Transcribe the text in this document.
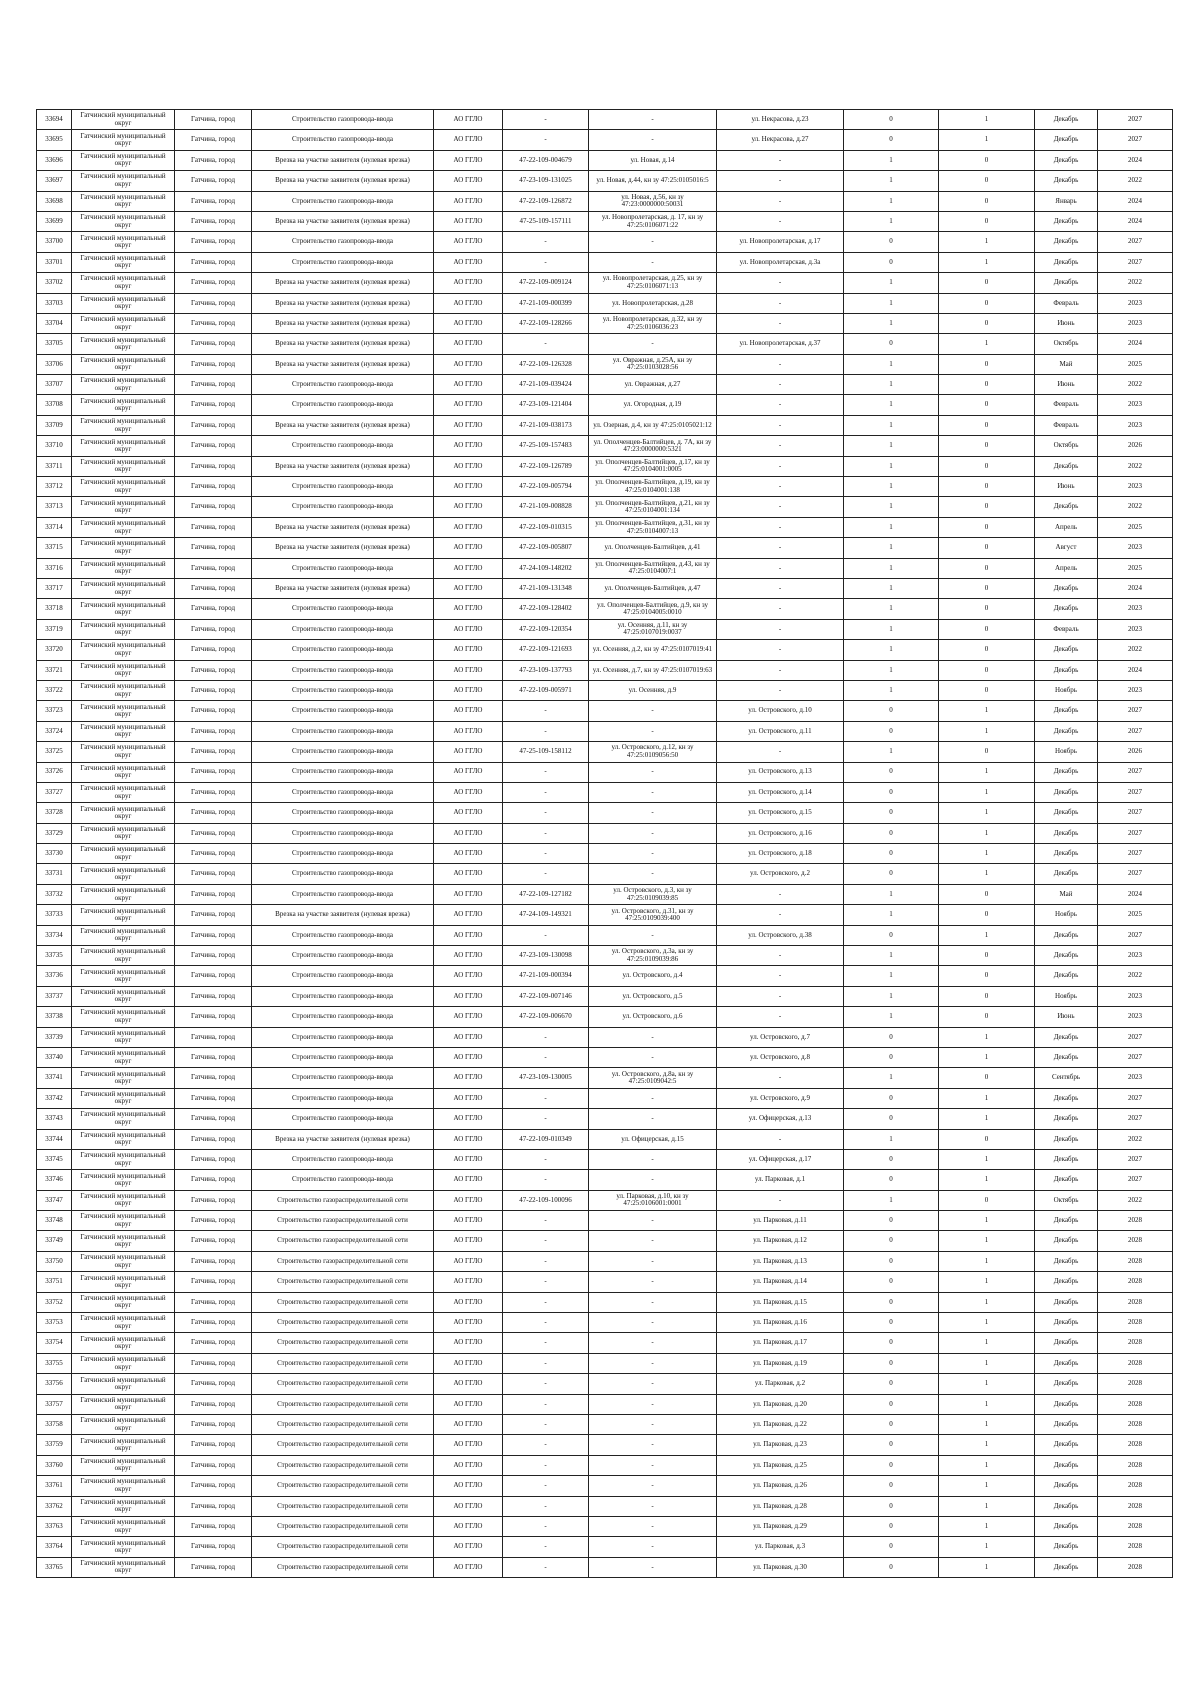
33694	Гатчинский муниципальный округ	Гатчина, город	Строительство газопровода-ввода	АО ГГЛО	-	-	ул. Некрасова, д.23	0	1	Декабрь	2027
33695	Гатчинский муниципальный округ	Гатчина, город	Строительство газопровода-ввода	АО ГГЛО	-	-	ул. Некрасова, д.27	0	1	Декабрь	2027
33696	Гатчинский муниципальный округ	Гатчина, город	Врезка на участке заявителя (нулевая врезка)	АО ГГЛО	47-22-109-004679	ул. Новая, д.14	-	1	0	Декабрь	2024
33697	Гатчинский муниципальный округ	Гатчина, город	Врезка на участке заявителя (нулевая врезка)	АО ГГЛО	47-23-109-131025	ул. Новая, д.44, кн зу 47:25:0105016:5	-	1	0	Декабрь	2022
33698	Гатчинский муниципальный округ	Гатчина, город	Строительство газопровода-ввода	АО ГГЛО	47-22-109-126872	ул. Новая, д.56, кн зу 47:23:0000000:50031	-	1	0	Январь	2024
33699	Гатчинский муниципальный округ	Гатчина, город	Врезка на участке заявителя (нулевая врезка)	АО ГГЛО	47-25-109-157111	ул. Новопролетарская, д. 17, кн зу 47:25:0106071:22	-	1	0	Декабрь	2024
33700	Гатчинский муниципальный округ	Гатчина, город	Строительство газопровода-ввода	АО ГГЛО	-	-	ул. Новопролетарская, д.17	0	1	Декабрь	2027
33701	Гатчинский муниципальный округ	Гатчина, город	Строительство газопровода-ввода	АО ГГЛО	-	-	ул. Новопролетарская, д.3а	0	1	Декабрь	2027
33702	Гатчинский муниципальный округ	Гатчина, город	Врезка на участке заявителя (нулевая врезка)	АО ГГЛО	47-22-109-009124	ул. Новопролетарская, д.25, кн зу 47:25:0106071:13	-	1	0	Декабрь	2022
33703	Гатчинский муниципальный округ	Гатчина, город	Врезка на участке заявителя (нулевая врезка)	АО ГГЛО	47-21-109-000399	ул. Новопролетарская, д.28	-	1	0	Февраль	2023
33704	Гатчинский муниципальный округ	Гатчина, город	Врезка на участке заявителя (нулевая врезка)	АО ГГЛО	47-22-109-128266	ул. Новопролетарская, д.32, кн зу 47:25:0106036:23	-	1	0	Июнь	2023
33705	Гатчинский муниципальный округ	Гатчина, город	Врезка на участке заявителя (нулевая врезка)	АО ГГЛО	-	-	ул. Новопролетарская, д.37	0	1	Октябрь	2024
33706	Гатчинский муниципальный округ	Гатчина, город	Врезка на участке заявителя (нулевая врезка)	АО ГГЛО	47-22-109-126328	ул. Овражная, д.25А, кн зу 47:25:0103028:56	-	1	0	Май	2025
33707	Гатчинский муниципальный округ	Гатчина, город	Строительство газопровода-ввода	АО ГГЛО	47-21-109-039424	ул. Овражная, д.27	-	1	0	Июнь	2022
33708	Гатчинский муниципальный округ	Гатчина, город	Строительство газопровода-ввода	АО ГГЛО	47-23-109-121404	ул. Огородная, д.19	-	1	0	Февраль	2023
33709	Гатчинский муниципальный округ	Гатчина, город	Врезка на участке заявителя (нулевая врезка)	АО ГГЛО	47-21-109-038173	ул. Озерная, д.4, кн зу 47:25:0105021:12	-	1	0	Февраль	2023
33710	Гатчинский муниципальный округ	Гатчина, город	Строительство газопровода-ввода	АО ГГЛО	47-25-109-157483	ул. Ополченцев-Балтийцев, д. 7А, кн зу 47:23:0000000:5321	-	1	0	Октябрь	2026
33711	Гатчинский муниципальный округ	Гатчина, город	Врезка на участке заявителя (нулевая врезка)	АО ГГЛО	47-22-109-126789	ул. Ополченцев-Балтийцев, д.17, кн зу 47:25:0104001:0005	-	1	0	Декабрь	2022
33712	Гатчинский муниципальный округ	Гатчина, город	Строительство газопровода-ввода	АО ГГЛО	47-22-109-005794	ул. Ополченцев-Балтийцев, д.19, кн зу 47:25:0104001:138	-	1	0	Июнь	2023
33713	Гатчинский муниципальный округ	Гатчина, город	Строительство газопровода-ввода	АО ГГЛО	47-21-109-008828	ул. Ополченцев-Балтийцев, д.21, кн зу 47:25:0104001:134	-	1	0	Декабрь	2022
33714	Гатчинский муниципальный округ	Гатчина, город	Врезка на участке заявителя (нулевая врезка)	АО ГГЛО	47-22-109-010315	ул. Ополченцев-Балтийцев, д.31, кн зу 47:25:0104007:13	-	1	0	Апрель	2025
33715	Гатчинский муниципальный округ	Гатчина, город	Врезка на участке заявителя (нулевая врезка)	АО ГГЛО	47-22-109-005807	ул. Ополченцев-Балтийцев, д.41	-	1	0	Август	2023
33716	Гатчинский муниципальный округ	Гатчина, город	Строительство газопровода-ввода	АО ГГЛО	47-24-109-148202	ул. Ополченцев-Балтийцев, д.43, кн зу 47:25:0104007:1	-	1	0	Апрель	2025
33717	Гатчинский муниципальный округ	Гатчина, город	Врезка на участке заявителя (нулевая врезка)	АО ГГЛО	47-21-109-131348	ул. Ополченцев-Балтийцев, д.47	-	1	0	Декабрь	2024
33718	Гатчинский муниципальный округ	Гатчина, город	Строительство газопровода-ввода	АО ГГЛО	47-22-109-128402	ул. Ополченцев-Балтийцев, д.9, кн зу 47:25:0104005:0010	-	1	0	Декабрь	2023
33719	Гатчинский муниципальный округ	Гатчина, город	Строительство газопровода-ввода	АО ГГЛО	47-22-109-120354	ул. Осенняя, д.11, кн зу 47:25:0107019:0037	-	1	0	Февраль	2023
33720	Гатчинский муниципальный округ	Гатчина, город	Строительство газопровода-ввода	АО ГГЛО	47-22-109-121693	ул. Осенняя, д.2, кн зу 47:25:0107019:41	-	1	0	Декабрь	2022
33721	Гатчинский муниципальный округ	Гатчина, город	Строительство газопровода-ввода	АО ГГЛО	47-23-109-137793	ул. Осенняя, д.7, кн зу 47:25:0107019:63	-	1	0	Декабрь	2024
33722	Гатчинский муниципальный округ	Гатчина, город	Строительство газопровода-ввода	АО ГГЛО	47-22-109-005971	ул. Осенняя, д.9	-	1	0	Ноябрь	2023
33723	Гатчинский муниципальный округ	Гатчина, город	Строительство газопровода-ввода	АО ГГЛО	-	-	ул. Островского, д.10	0	1	Декабрь	2027
33724	Гатчинский муниципальный округ	Гатчина, город	Строительство газопровода-ввода	АО ГГЛО	-	-	ул. Островского, д.11	0	1	Декабрь	2027
33725	Гатчинский муниципальный округ	Гатчина, город	Строительство газопровода-ввода	АО ГГЛО	47-25-109-158112	ул. Островского, д.12, кн зу 47:25:0109056:50	-	1	0	Ноябрь	2026
33726	Гатчинский муниципальный округ	Гатчина, город	Строительство газопровода-ввода	АО ГГЛО	-	-	ул. Островского, д.13	0	1	Декабрь	2027
33727	Гатчинский муниципальный округ	Гатчина, город	Строительство газопровода-ввода	АО ГГЛО	-	-	ул. Островского, д.14	0	1	Декабрь	2027
33728	Гатчинский муниципальный округ	Гатчина, город	Строительство газопровода-ввода	АО ГГЛО	-	-	ул. Островского, д.15	0	1	Декабрь	2027
33729	Гатчинский муниципальный округ	Гатчина, город	Строительство газопровода-ввода	АО ГГЛО	-	-	ул. Островского, д.16	0	1	Декабрь	2027
33730	Гатчинский муниципальный округ	Гатчина, город	Строительство газопровода-ввода	АО ГГЛО	-	-	ул. Островского, д.18	0	1	Декабрь	2027
33731	Гатчинский муниципальный округ	Гатчина, город	Строительство газопровода-ввода	АО ГГЛО	-	-	ул. Островского, д.2	0	1	Декабрь	2027
33732	Гатчинский муниципальный округ	Гатчина, город	Строительство газопровода-ввода	АО ГГЛО	47-22-109-127182	ул. Островского, д.3, кн зу 47:25:0109039:85	-	1	0	Май	2024
33733	Гатчинский муниципальный округ	Гатчина, город	Врезка на участке заявителя (нулевая врезка)	АО ГГЛО	47-24-109-149321	ул. Островского, д.31, кн зу 47:25:0109039:400	-	1	0	Ноябрь	2025
33734	Гатчинский муниципальный округ	Гатчина, город	Строительство газопровода-ввода	АО ГГЛО	-	-	ул. Островского, д.38	0	1	Декабрь	2027
33735	Гатчинский муниципальный округ	Гатчина, город	Строительство газопровода-ввода	АО ГГЛО	47-23-109-130098	ул. Островского, д.3а, кн зу 47:25:0109039:86	-	1	0	Декабрь	2023
33736	Гатчинский муниципальный округ	Гатчина, город	Строительство газопровода-ввода	АО ГГЛО	47-21-109-000394	ул. Островского, д.4	-	1	0	Декабрь	2022
33737	Гатчинский муниципальный округ	Гатчина, город	Строительство газопровода-ввода	АО ГГЛО	47-22-109-007146	ул. Островского, д.5	-	1	0	Ноябрь	2023
33738	Гатчинский муниципальный округ	Гатчина, город	Строительство газопровода-ввода	АО ГГЛО	47-22-109-006670	ул. Островского, д.6	-	1	0	Июнь	2023
33739	Гатчинский муниципальный округ	Гатчина, город	Строительство газопровода-ввода	АО ГГЛО	-	-	ул. Островского, д.7	0	1	Декабрь	2027
33740	Гатчинский муниципальный округ	Гатчина, город	Строительство газопровода-ввода	АО ГГЛО	-	-	ул. Островского, д.8	0	1	Декабрь	2027
33741	Гатчинский муниципальный округ	Гатчина, город	Строительство газопровода-ввода	АО ГГЛО	47-23-109-130005	ул. Островского, д.8а, кн зу 47:25:0109042:5	-	1	0	Сентябрь	2023
33742	Гатчинский муниципальный округ	Гатчина, город	Строительство газопровода-ввода	АО ГГЛО	-	-	ул. Островского, д.9	0	1	Декабрь	2027
33743	Гатчинский муниципальный округ	Гатчина, город	Строительство газопровода-ввода	АО ГГЛО	-	-	ул. Офицерская, д.13	0	1	Декабрь	2027
33744	Гатчинский муниципальный округ	Гатчина, город	Врезка на участке заявителя (нулевая врезка)	АО ГГЛО	47-22-109-010349	ул. Офицерская, д.15	-	1	0	Декабрь	2022
33745	Гатчинский муниципальный округ	Гатчина, город	Строительство газопровода-ввода	АО ГГЛО	-	-	ул. Офицерская, д.17	0	1	Декабрь	2027
33746	Гатчинский муниципальный округ	Гатчина, город	Строительство газопровода-ввода	АО ГГЛО	-	-	ул. Парковая, д.1	0	1	Декабрь	2027
33747	Гатчинский муниципальный округ	Гатчина, город	Строительство газораспределительной сети	АО ГГЛО	47-22-109-100096	ул. Парковая, д.10, кн зу 47:25:0106001:0001	-	1	0	Октябрь	2022
33748	Гатчинский муниципальный округ	Гатчина, город	Строительство газораспределительной сети	АО ГГЛО	-	-	ул. Парковая, д.11	0	1	Декабрь	2028
33749	Гатчинский муниципальный округ	Гатчина, город	Строительство газораспределительной сети	АО ГГЛО	-	-	ул. Парковая, д.12	0	1	Декабрь	2028
33750	Гатчинский муниципальный округ	Гатчина, город	Строительство газораспределительной сети	АО ГГЛО	-	-	ул. Парковая, д.13	0	1	Декабрь	2028
33751	Гатчинский муниципальный округ	Гатчина, город	Строительство газораспределительной сети	АО ГГЛО	-	-	ул. Парковая, д.14	0	1	Декабрь	2028
33752	Гатчинский муниципальный округ	Гатчина, город	Строительство газораспределительной сети	АО ГГЛО	-	-	ул. Парковая, д.15	0	1	Декабрь	2028
33753	Гатчинский муниципальный округ	Гатчина, город	Строительство газораспределительной сети	АО ГГЛО	-	-	ул. Парковая, д.16	0	1	Декабрь	2028
33754	Гатчинский муниципальный округ	Гатчина, город	Строительство газораспределительной сети	АО ГГЛО	-	-	ул. Парковая, д.17	0	1	Декабрь	2028
33755	Гатчинский муниципальный округ	Гатчина, город	Строительство газораспределительной сети	АО ГГЛО	-	-	ул. Парковая, д.19	0	1	Декабрь	2028
33756	Гатчинский муниципальный округ	Гатчина, город	Строительство газораспределительной сети	АО ГГЛО	-	-	ул. Парковая, д.2	0	1	Декабрь	2028
33757	Гатчинский муниципальный округ	Гатчина, город	Строительство газораспределительной сети	АО ГГЛО	-	-	ул. Парковая, д.20	0	1	Декабрь	2028
33758	Гатчинский муниципальный округ	Гатчина, город	Строительство газораспределительной сети	АО ГГЛО	-	-	ул. Парковая, д.22	0	1	Декабрь	2028
33759	Гатчинский муниципальный округ	Гатчина, город	Строительство газораспределительной сети	АО ГГЛО	-	-	ул. Парковая, д.23	0	1	Декабрь	2028
33760	Гатчинский муниципальный округ	Гатчина, город	Строительство газораспределительной сети	АО ГГЛО	-	-	ул. Парковая, д.25	0	1	Декабрь	2028
33761	Гатчинский муниципальный округ	Гатчина, город	Строительство газораспределительной сети	АО ГГЛО	-	-	ул. Парковая, д.26	0	1	Декабрь	2028
33762	Гатчинский муниципальный округ	Гатчина, город	Строительство газораспределительной сети	АО ГГЛО	-	-	ул. Парковая, д.28	0	1	Декабрь	2028
33763	Гатчинский муниципальный округ	Гатчина, город	Строительство газораспределительной сети	АО ГГЛО	-	-	ул. Парковая, д.29	0	1	Декабрь	2028
33764	Гатчинский муниципальный округ	Гатчина, город	Строительство газораспределительной сети	АО ГГЛО	-	-	ул. Парковая, д.3	0	1	Декабрь	2028
33765	Гатчинский муниципальный округ	Гатчина, город	Строительство газораспределительной сети	АО ГГЛО	-	-	ул. Парковая, д.30	0	1	Декабрь	2028
